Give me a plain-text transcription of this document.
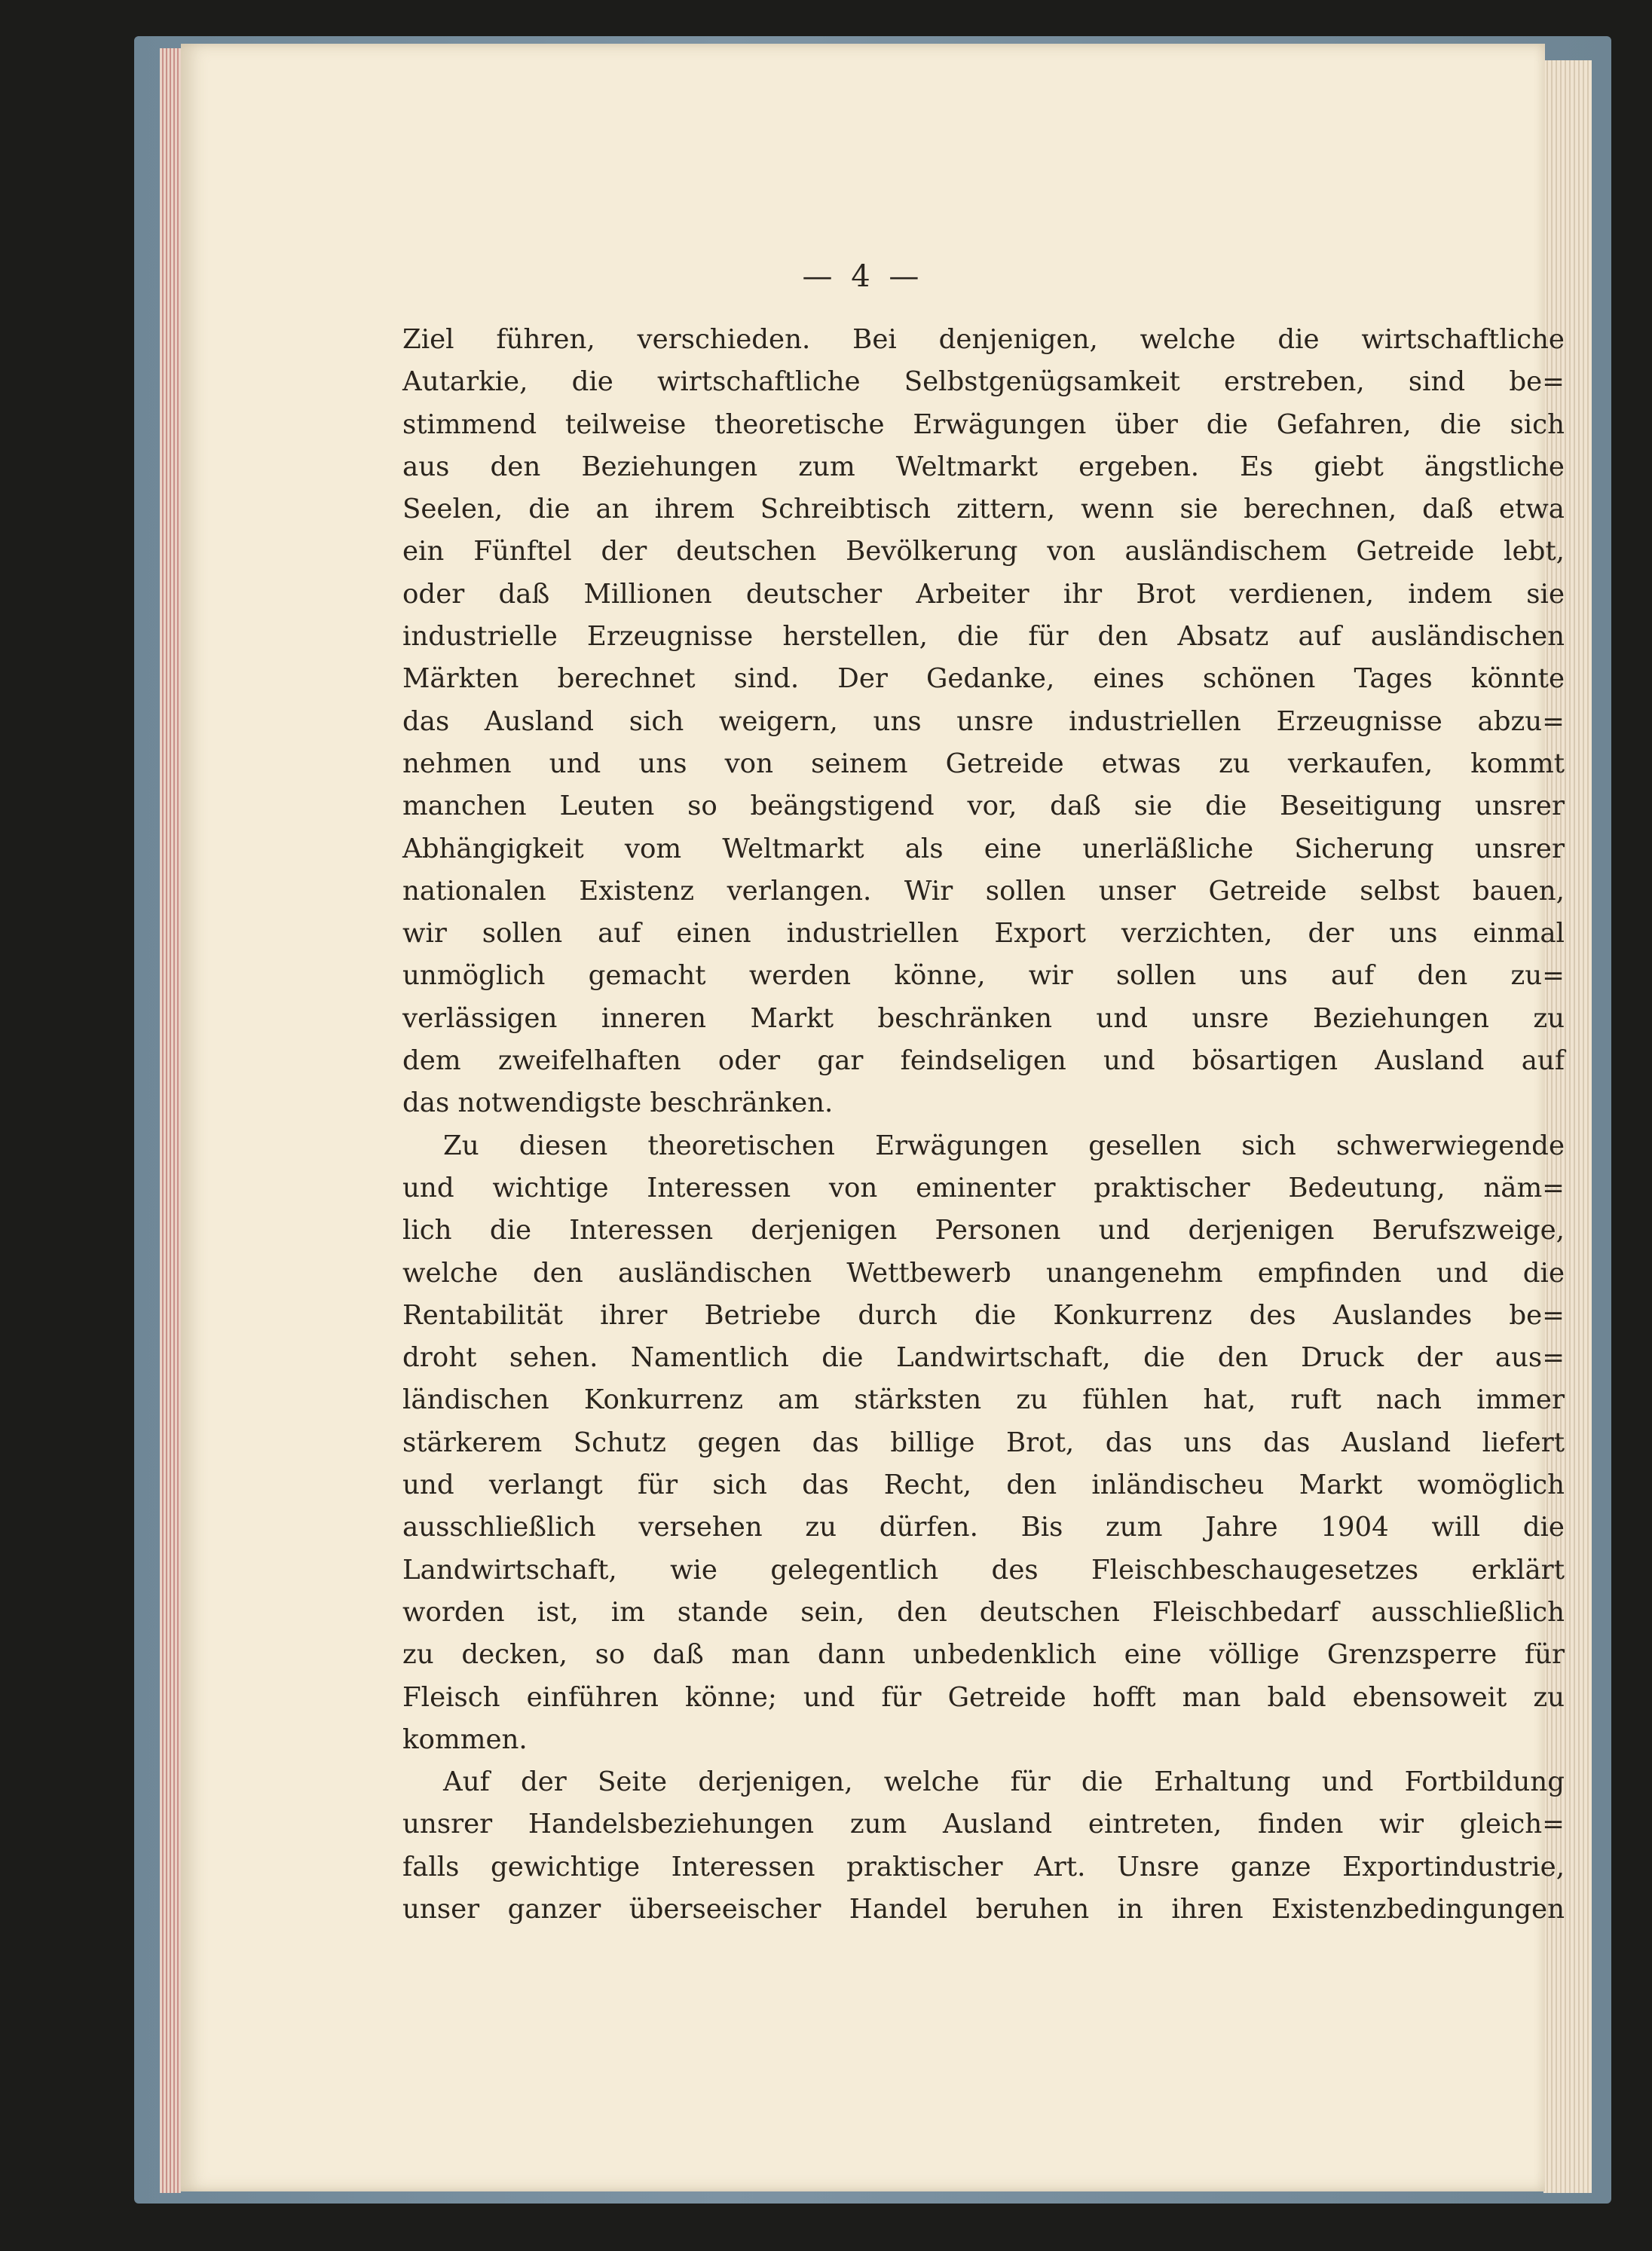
— 4 —
Ziel führen, verschieden. Bei denjenigen, welche die wirtschaftliche
Autarkie, die wirtschaftliche Selbstgenügsamkeit erstreben, sind be=
stimmend teilweise theoretische Erwägungen über die Gefahren, die sich
aus den Beziehungen zum Weltmarkt ergeben. Es giebt ängstliche
Seelen, die an ihrem Schreibtisch zittern, wenn sie berechnen, daß etwa
ein Fünftel der deutschen Bevölkerung von ausländischem Getreide lebt,
oder daß Millionen deutscher Arbeiter ihr Brot verdienen, indem sie
industrielle Erzeugnisse herstellen, die für den Absatz auf ausländischen
Märkten berechnet sind. Der Gedanke, eines schönen Tages könnte
das Ausland sich weigern, uns unsre industriellen Erzeugnisse abzu=
nehmen und uns von seinem Getreide etwas zu verkaufen, kommt
manchen Leuten so beängstigend vor, daß sie die Beseitigung unsrer
Abhängigkeit vom Weltmarkt als eine unerläßliche Sicherung unsrer
nationalen Existenz verlangen. Wir sollen unser Getreide selbst bauen,
wir sollen auf einen industriellen Export verzichten, der uns einmal
unmöglich gemacht werden könne, wir sollen uns auf den zu=
verlässigen inneren Markt beschränken und unsre Beziehungen zu
dem zweifelhaften oder gar feindseligen und bösartigen Ausland auf
das notwendigste beschränken.
Zu diesen theoretischen Erwägungen gesellen sich schwerwiegende
und wichtige Interessen von eminenter praktischer Bedeutung, näm=
lich die Interessen derjenigen Personen und derjenigen Berufszweige,
welche den ausländischen Wettbewerb unangenehm empfinden und die
Rentabilität ihrer Betriebe durch die Konkurrenz des Auslandes be=
droht sehen. Namentlich die Landwirtschaft, die den Druck der aus=
ländischen Konkurrenz am stärksten zu fühlen hat, ruft nach immer
stärkerem Schutz gegen das billige Brot, das uns das Ausland liefert
und verlangt für sich das Recht, den inländischeu Markt womöglich
ausschließlich versehen zu dürfen. Bis zum Jahre 1904 will die
Landwirtschaft, wie gelegentlich des Fleischbeschaugesetzes erklärt
worden ist, im stande sein, den deutschen Fleischbedarf ausschließlich
zu decken, so daß man dann unbedenklich eine völlige Grenzsperre für
Fleisch einführen könne; und für Getreide hofft man bald ebensoweit zu
kommen.
Auf der Seite derjenigen, welche für die Erhaltung und Fortbildung
unsrer Handelsbeziehungen zum Ausland eintreten, finden wir gleich=
falls gewichtige Interessen praktischer Art. Unsre ganze Exportindustrie,
unser ganzer überseeischer Handel beruhen in ihren Existenzbedingungen
